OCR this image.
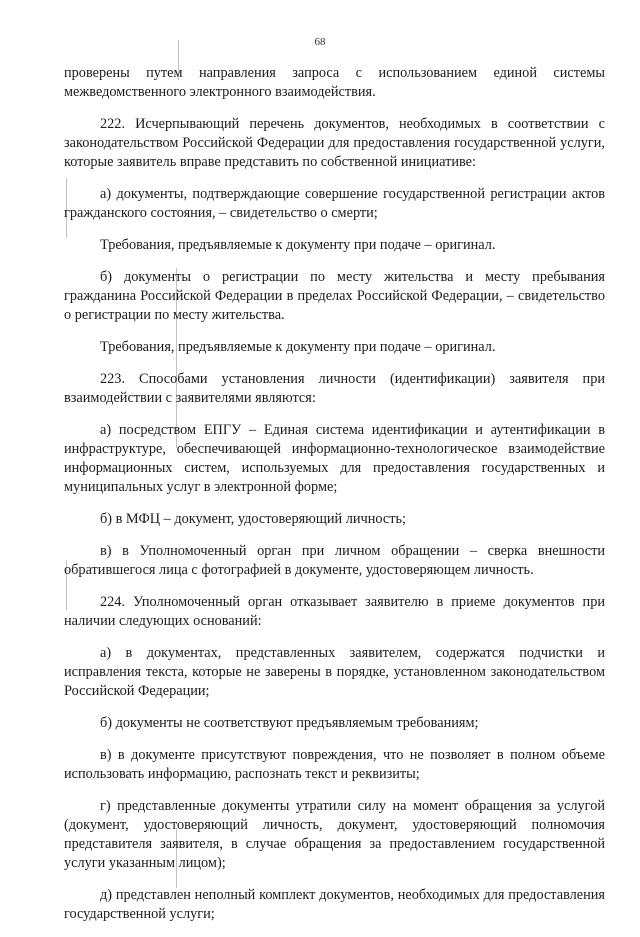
68

проверены путем направления запроса с использованием единой системы межведомственного электронного взаимодействия.

222. Исчерпывающий перечень документов, необходимых в соответствии с законодательством Российской Федерации для предоставления государственной услуги, которые заявитель вправе представить по собственной инициативе:

а) документы, подтверждающие совершение государственной регистрации актов гражданского состояния, – свидетельство о смерти;

Требования, предъявляемые к документу при подаче – оригинал.

б) документы о регистрации по месту жительства и месту пребывания гражданина Российской Федерации в пределах Российской Федерации, – свидетельство о регистрации по месту жительства.

Требования, предъявляемые к документу при подаче – оригинал.

223. Способами установления личности (идентификации) заявителя при взаимодействии с заявителями являются:

а) посредством ЕПГУ – Единая система идентификации и аутентификации в инфраструктуре, обеспечивающей информационно-технологическое взаимодействие информационных систем, используемых для предоставления государственных и муниципальных услуг в электронной форме;

б) в МФЦ – документ, удостоверяющий личность;

в) в Уполномоченный орган при личном обращении – сверка внешности обратившегося лица с фотографией в документе, удостоверяющем личность.

224. Уполномоченный орган отказывает заявителю в приеме документов при наличии следующих оснований:

а) в документах, представленных заявителем, содержатся подчистки и исправления текста, которые не заверены в порядке, установленном законодательством Российской Федерации;

б) документы не соответствуют предъявляемым требованиям;

в) в документе присутствуют повреждения, что не позволяет в полном объеме использовать информацию, распознать текст и реквизиты;

г) представленные документы утратили силу на момент обращения за услугой (документ, удостоверяющий личность, документ, удостоверяющий полномочия представителя заявителя, в случае обращения за предоставлением государственной услуги указанным лицом);

д) представлен неполный комплект документов, необходимых для предоставления государственной услуги;
